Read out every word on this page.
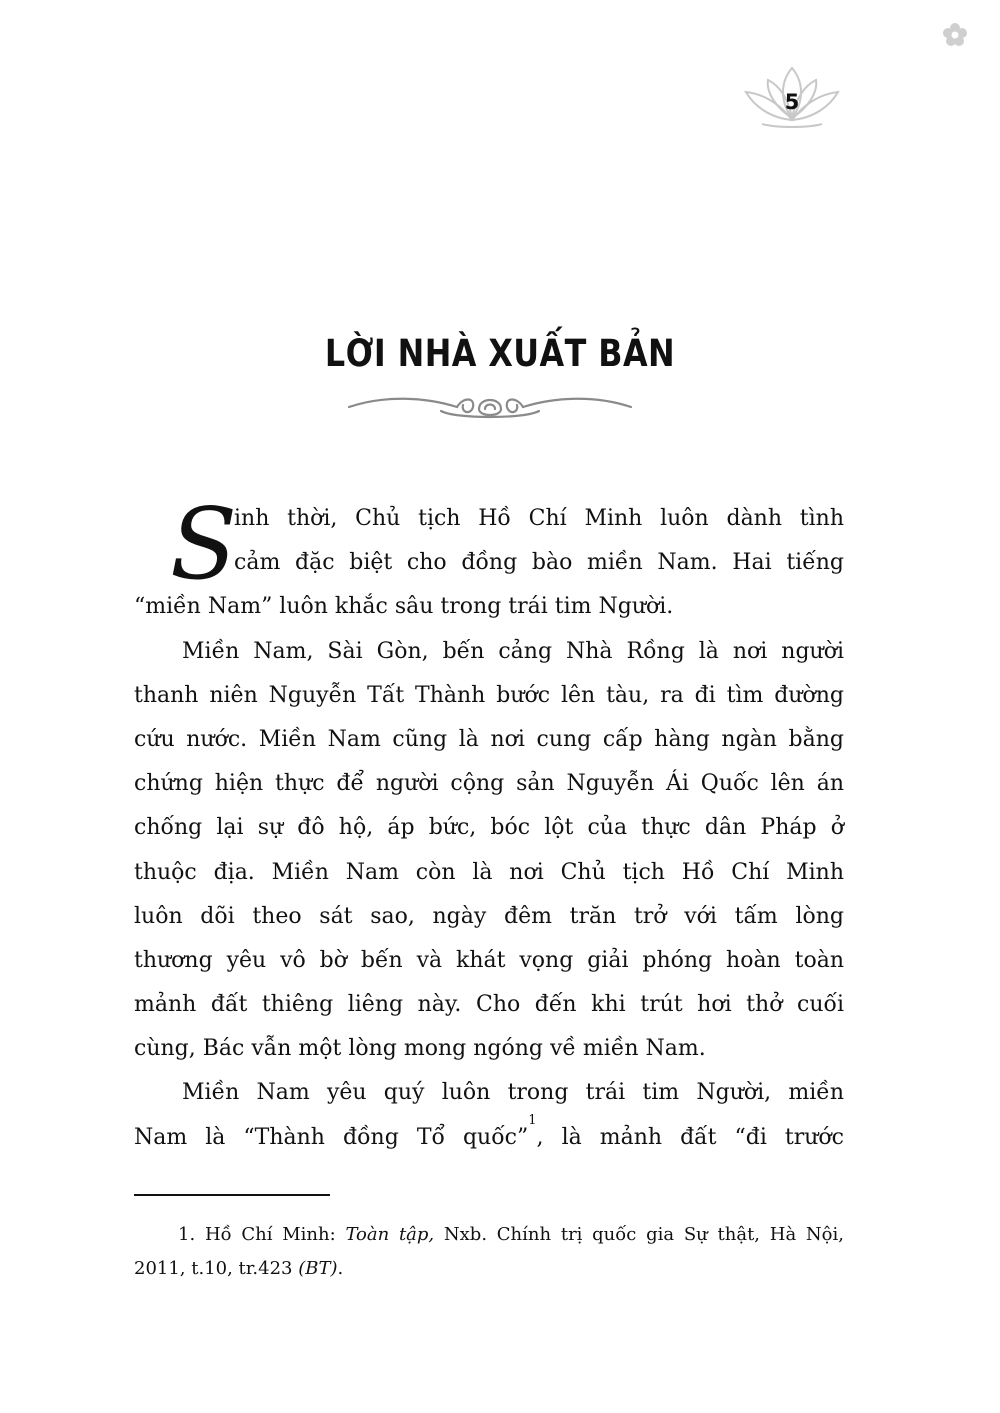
5
LỜI NHÀ XUẤT BẢN
S
inh thời, Chủ tịch Hồ Chí Minh luôn dành tình
cảm đặc biệt cho đồng bào miền Nam. Hai tiếng
“miền Nam” luôn khắc sâu trong trái tim Người.
Miền Nam, Sài Gòn, bến cảng Nhà Rồng là nơi người
thanh niên Nguyễn Tất Thành bước lên tàu, ra đi tìm đường
cứu nước. Miền Nam cũng là nơi cung cấp hàng ngàn bằng
chứng hiện thực để người cộng sản Nguyễn Ái Quốc lên án
chống lại sự đô hộ, áp bức, bóc lột của thực dân Pháp ở
thuộc địa. Miền Nam còn là nơi Chủ tịch Hồ Chí Minh
luôn dõi theo sát sao, ngày đêm trăn trở với tấm lòng
thương yêu vô bờ bến và khát vọng giải phóng hoàn toàn
mảnh đất thiêng liêng này. Cho đến khi trút hơi thở cuối
cùng, Bác vẫn một lòng mong ngóng về miền Nam.
Miền Nam yêu quý luôn trong trái tim Người, miền
Nam là “Thành đồng Tổ quốc”$^1$, là mảnh đất “đi trước
1. Hồ Chí Minh: Toàn tập, Nxb. Chính trị quốc gia Sự thật, Hà Nội,
2011, t.10, tr.423 (BT).
